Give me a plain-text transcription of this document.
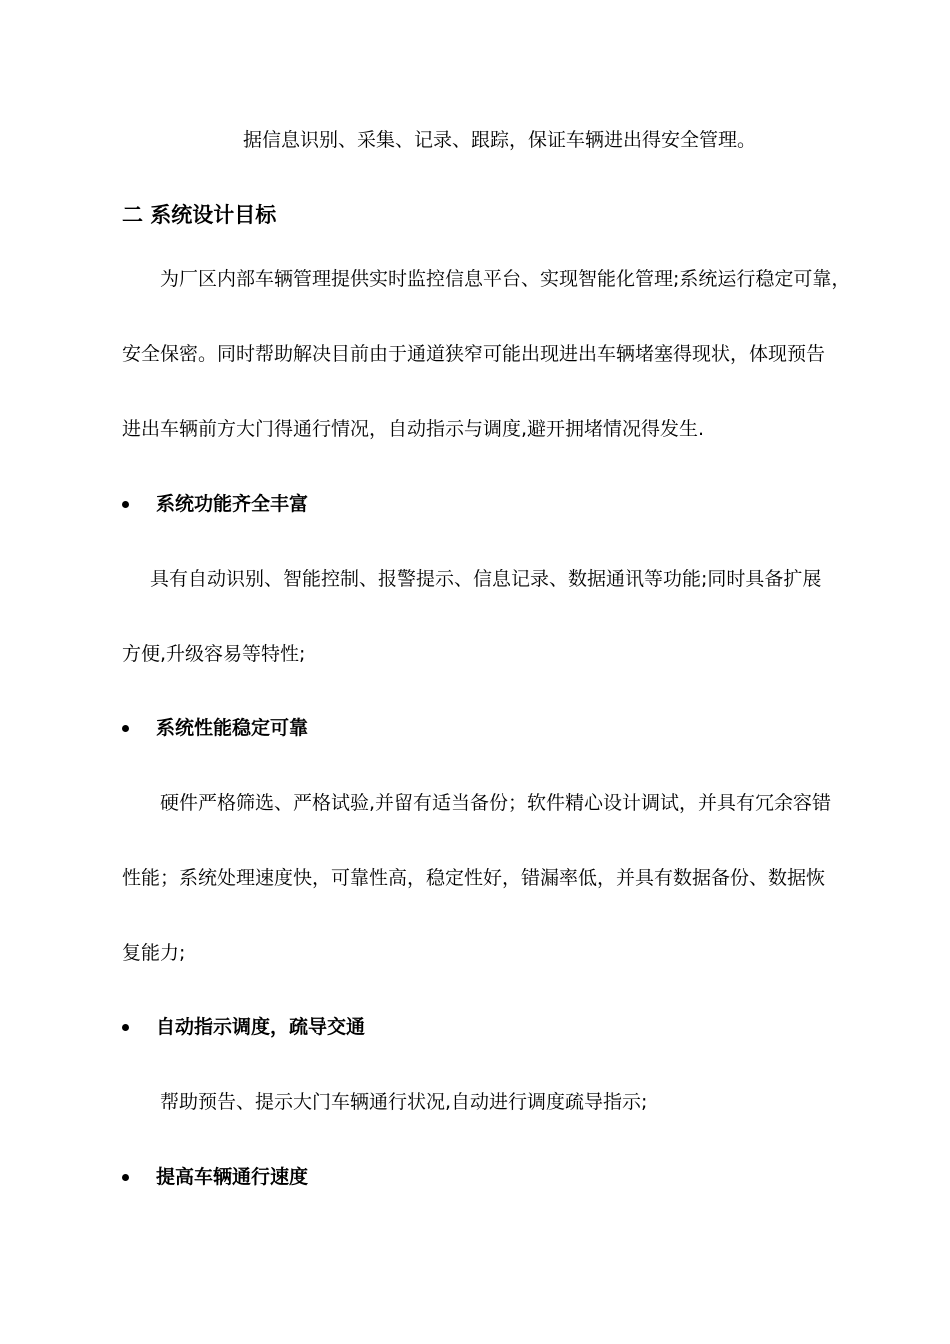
据信息识别、采集、记录、跟踪，保证车辆进出得安全管理。
二 系统设计目标
为厂区内部车辆管理提供实时监控信息平台、实现智能化管理;系统运行稳定可靠，
安全保密。同时帮助解决目前由于通道狭窄可能出现进出车辆堵塞得现状，体现预告
进出车辆前方大门得通行情况，自动指示与调度,避开拥堵情况得发生.
系统功能齐全丰富
具有自动识别、智能控制、报警提示、信息记录、数据通讯等功能;同时具备扩展
方便,升级容易等特性;
系统性能稳定可靠
硬件严格筛选、严格试验,并留有适当备份；软件精心设计调试，并具有冗余容错
性能；系统处理速度快，可靠性高，稳定性好，错漏率低，并具有数据备份、数据恢
复能力;
自动指示调度，疏导交通
帮助预告、提示大门车辆通行状况,自动进行调度疏导指示;
提高车辆通行速度
